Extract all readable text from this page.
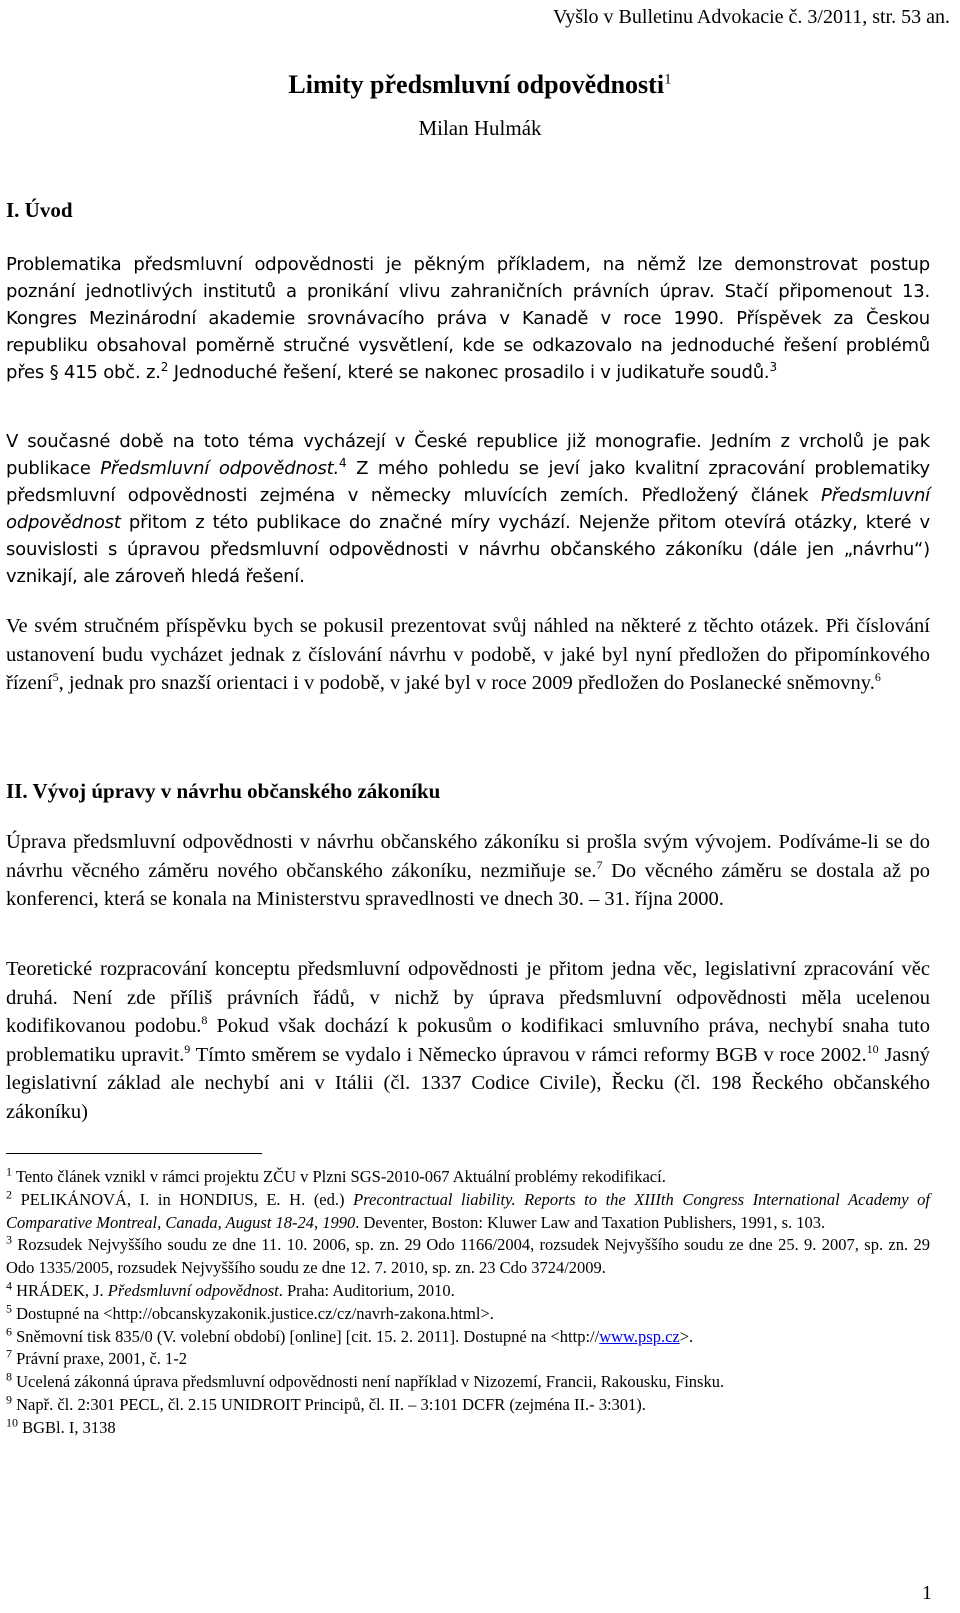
Vyšlo v Bulletinu Advokacie č. 3/2011, str. 53 an.
Limity předsmluvní odpovědnosti$^1$
Milan Hulmák
I. Úvod

Problematika předsmluvní odpovědnosti je pěkným příkladem, na němž lze demonstrovat postup poznání jednotlivých institutů a pronikání vlivu zahraničních právních úprav. Stačí připomenout 13. Kongres Mezinárodní akademie srovnávacího práva v Kanadě v roce 1990. Příspěvek za Českou republiku obsahoval poměrně stručné vysvětlení, kde se odkazovalo na jednoduché řešení problémů přes § 415 obč. z.$^2$ Jednoduché řešení, které se nakonec prosadilo i v judikatuře soudů.$^3$

V současné době na toto téma vycházejí v České republice již monografie. Jedním z vrcholů je pak publikace Předsmluvní odpovědnost.$^4$ Z mého pohledu se jeví jako kvalitní zpracování problematiky předsmluvní odpovědnosti zejména v německy mluvících zemích. Předložený článek Předsmluvní odpovědnost přitom z této publikace do značné míry vychází. Nejenže přitom otevírá otázky, které v souvislosti s úpravou předsmluvní odpovědnosti v návrhu občanského zákoníku (dále jen „návrhu“) vznikají, ale zároveň hledá řešení.

Ve svém stručném příspěvku bych se pokusil prezentovat svůj náhled na některé z těchto otázek. Při číslování ustanovení budu vycházet jednak z číslování návrhu v podobě, v jaké byl nyní předložen do připomínkového řízení$^5$, jednak pro snazší orientaci i v podobě, v jaké byl v roce 2009 předložen do Poslanecké sněmovny.$^6$

II. Vývoj úpravy v návrhu občanského zákoníku

Úprava předsmluvní odpovědnosti v návrhu občanského zákoníku si prošla svým vývojem. Podíváme-li se do návrhu věcného záměru nového občanského zákoníku, nezmiňuje se.$^7$ Do věcného záměru se dostala až po konferenci, která se konala na Ministerstvu spravedlnosti ve dnech 30. – 31. října 2000.

Teoretické rozpracování konceptu předsmluvní odpovědnosti je přitom jedna věc, legislativní zpracování věc druhá. Není zde příliš právních řádů, v nichž by úprava předsmluvní odpovědnosti měla ucelenou kodifikovanou podobu.$^8$ Pokud však dochází k pokusům o kodifikaci smluvního práva, nechybí snaha tuto problematiku upravit.$^9$ Tímto směrem se vydalo i Německo úpravou v rámci reformy BGB v roce 2002.10 Jasný legislativní základ ale nechybí ani v Itálii (čl. 1337 Codice Civile), Řecku (čl. 198 Řeckého občanského zákoníku)

$^1$ Tento článek vznikl v rámci projektu ZČU v Plzni SGS-2010-067 Aktuální problémy rekodifikací.

$^2$ PELIKÁNOVÁ, I. in HONDIUS, E. H. (ed.) Precontractual liability. Reports to the XIIIth Congress International Academy of Comparative Montreal, Canada, August 18-24, 1990. Deventer, Boston: Kluwer Law and Taxation Publishers, 1991, s. 103.

$^3$ Rozsudek Nejvyššího soudu ze dne 11. 10. 2006, sp. zn. 29 Odo 1166/2004, rozsudek Nejvyššího soudu ze dne 25. 9. 2007, sp. zn. 29 Odo 1335/2005, rozsudek Nejvyššího soudu ze dne 12. 7. 2010, sp. zn. 23 Cdo 3724/2009.

$^4$ HRÁDEK, J. Předsmluvní odpovědnost. Praha: Auditorium, 2010.

$^5$ Dostupné na <http://obcanskyzakonik.justice.cz/cz/navrh-zakona.html>.

$^6$ Sněmovní tisk 835/0 (V. volební období) [online] [cit. 15. 2. 2011]. Dostupné na <http://www.psp.cz>.

$^7$ Právní praxe, 2001, č. 1-2

$^8$ Ucelená zákonná úprava předsmluvní odpovědnosti není například v Nizozemí, Francii, Rakousku, Finsku.

$^9$ Např. čl. 2:301 PECL, čl. 2.15 UNIDROIT Principů, čl. II. – 3:101 DCFR (zejména II.- 3:301).

$^{10}$ BGBl. I, 3138

1
